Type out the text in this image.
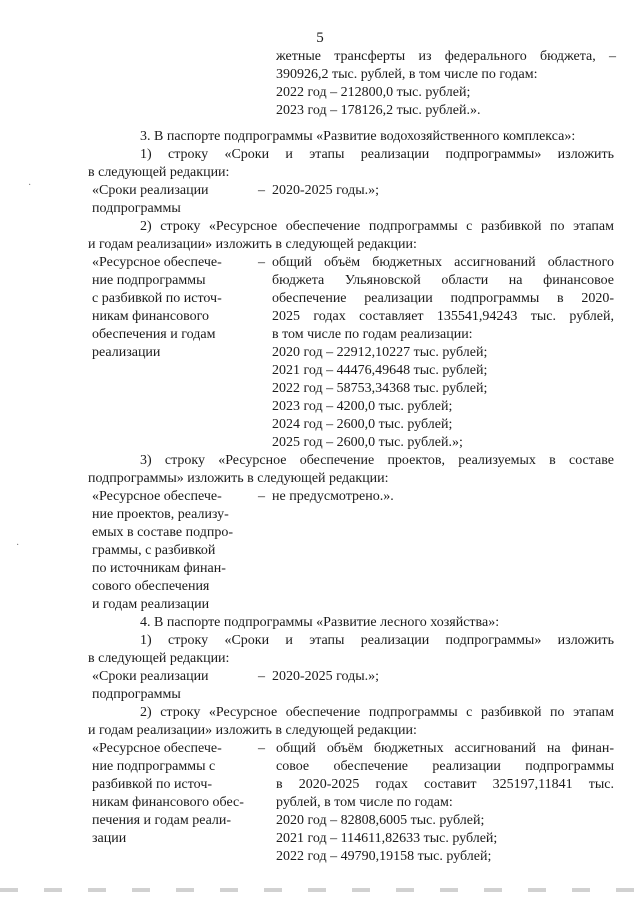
5
жетные трансферты из федерального бюджета, –
390926,2 тыс. рублей, в том числе по годам:
2022 год – 212800,0 тыс. рублей;
2023 год – 178126,2 тыс. рублей.».
3. В паспорте подпрограммы «Развитие водохозяйственного комплекса»:
1) строку «Сроки и этапы реализации подпрограммы» изложить
в следующей редакции:
«Сроки реализации
подпрограммы
– 2020-2025 годы.»;
2) строку «Ресурсное обеспечение подпрограммы с разбивкой по этапам
и годам реализации» изложить в следующей редакции:
«Ресурсное обеспече-
ние подпрограммы
с разбивкой по источ-
никам финансового
обеспечения и годам
реализации
– общий объём бюджетных ассигнований областного
бюджета Ульяновской области на финансовое
обеспечение реализации подпрограммы в 2020-
2025 годах составляет 135541,94243 тыс. рублей,
в том числе по годам реализации:
2020 год – 22912,10227 тыс. рублей;
2021 год – 44476,49648 тыс. рублей;
2022 год – 58753,34368 тыс. рублей;
2023 год – 4200,0 тыс. рублей;
2024 год – 2600,0 тыс. рублей;
2025 год – 2600,0 тыс. рублей.»;
3) строку «Ресурсное обеспечение проектов, реализуемых в составе
подпрограммы» изложить в следующей редакции:
«Ресурсное обеспече-
ние проектов, реализу-
емых в составе подпро-
граммы, с разбивкой
по источникам финан-
сового обеспечения
и годам реализации
– не предусмотрено.».
4. В паспорте подпрограммы «Развитие лесного хозяйства»:
1) строку «Сроки и этапы реализации подпрограммы» изложить
в следующей редакции:
«Сроки реализации
подпрограммы
– 2020-2025 годы.»;
2) строку «Ресурсное обеспечение подпрограммы с разбивкой по этапам
и годам реализации» изложить в следующей редакции:
«Ресурсное обеспече-
ние подпрограммы с
разбивкой по источ-
никам финансового обес-
печения и годам реали-
зации
– общий объём бюджетных ассигнований на финан-
совое обеспечение реализации подпрограммы
в 2020-2025 годах составит 325197,11841 тыс.
рублей, в том числе по годам:
2020 год – 82808,6005 тыс. рублей;
2021 год – 114611,82633 тыс. рублей;
2022 год – 49790,19158 тыс. рублей;
·
·
